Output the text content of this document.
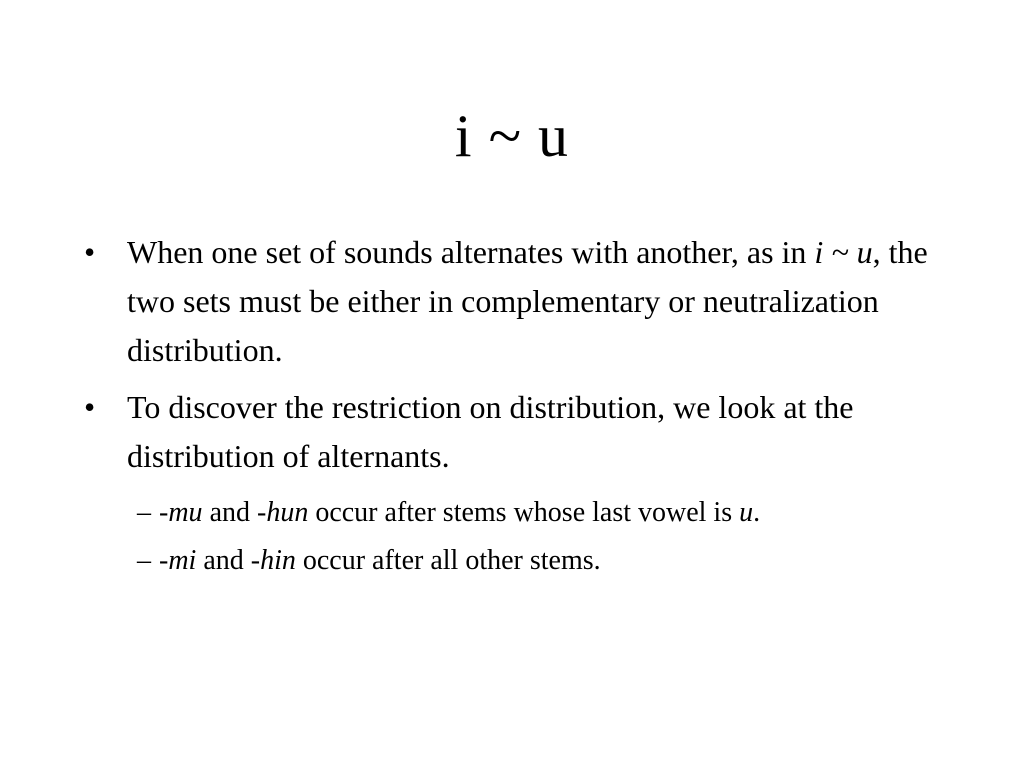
i ~ u
• When one set of sounds alternates with another, as in i ~ u, the two sets must be either in complementary or neutralization distribution.
• To discover the restriction on distribution, we look at the distribution of alternants.
– -mu and -hun occur after stems whose last vowel is u.
– -mi and -hin occur after all other stems.
